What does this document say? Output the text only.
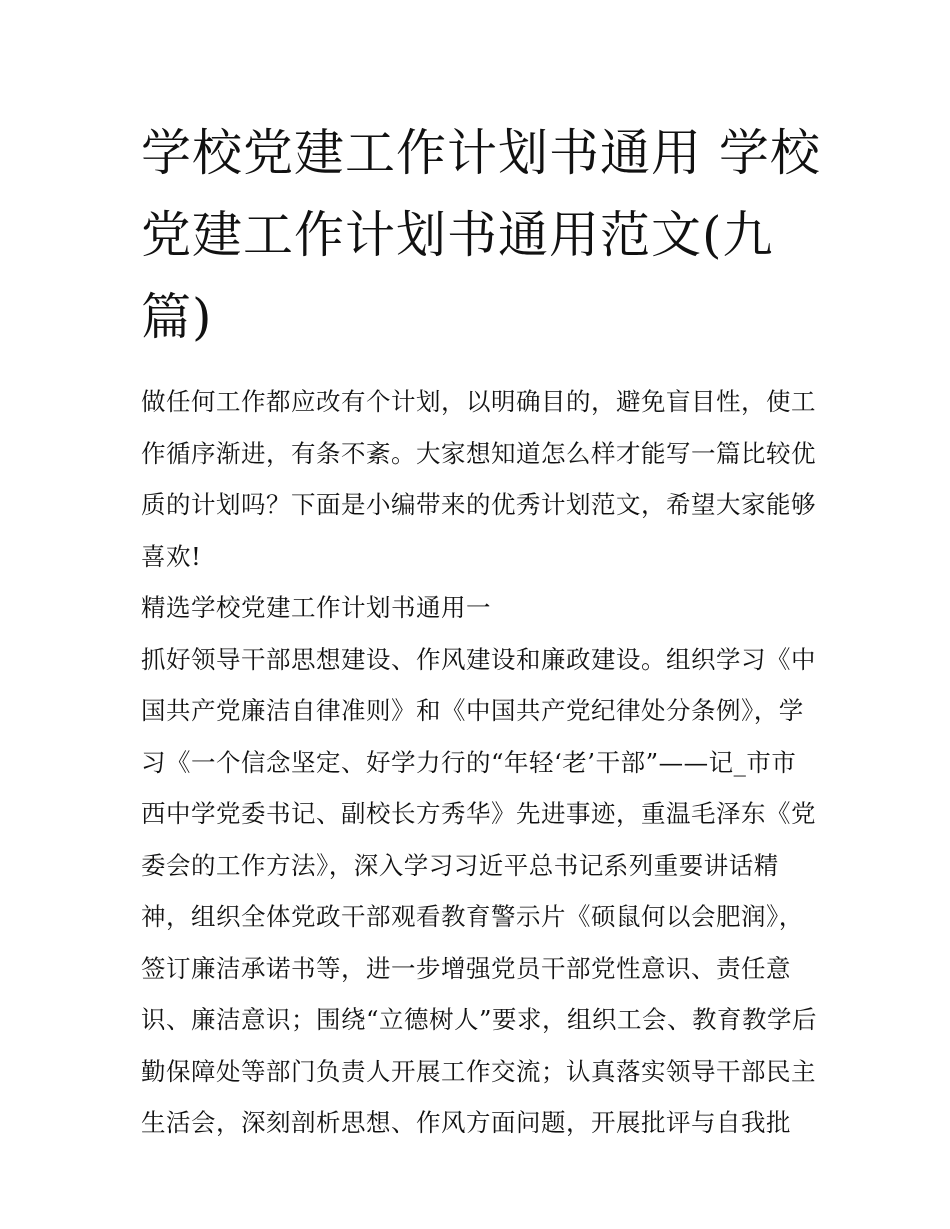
学校党建工作计划书通用 学校
党建工作计划书通用范文(九
篇)
做任何工作都应改有个计划，以明确目的，避免盲目性，使工
作循序渐进，有条不紊。大家想知道怎么样才能写一篇比较优
质的计划吗？下面是小编带来的优秀计划范文，希望大家能够
喜欢!
精选学校党建工作计划书通用一
抓好领导干部思想建设、作风建设和廉政建设。组织学习《中
国共产党廉洁自律准则》和《中国共产党纪律处分条例》，学
习《一个信念坚定、好学力行的“年轻‘老’干部”——记_市市
西中学党委书记、副校长方秀华》先进事迹，重温毛泽东《党
委会的工作方法》，深入学习习近平总书记系列重要讲话精
神，组织全体党政干部观看教育警示片《硕鼠何以会肥润》，
签订廉洁承诺书等，进一步增强党员干部党性意识、责任意
识、廉洁意识；围绕“立德树人”要求，组织工会、教育教学后
勤保障处等部门负责人开展工作交流；认真落实领导干部民主
生活会，深刻剖析思想、作风方面问题，开展批评与自我批
